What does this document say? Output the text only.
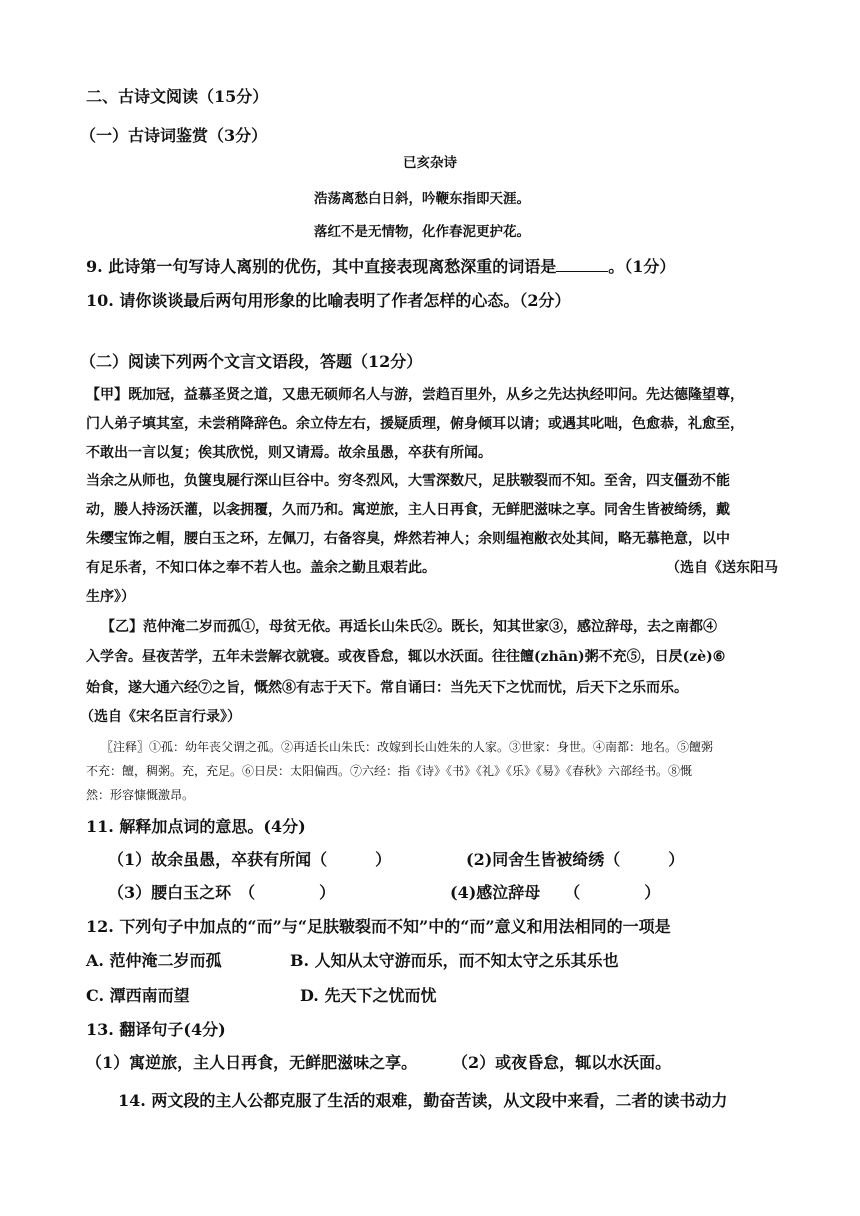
二、古诗文阅读（15分）
（一）古诗词鉴赏（3分）
已亥杂诗
浩荡离愁白日斜，吟鞭东指即天涯。
落红不是无情物，化作春泥更护花。
9. 此诗第一句写诗人离别的优伤，其中直接表现离愁深重的词语是	。（1分）
10. 请你谈谈最后两句用形象的比喻表明了作者怎样的心态。（2分）
（二）阅读下列两个文言文语段，答题（12分）
【甲】既加冠，益慕圣贤之道，又患无硕师名人与游，尝趋百里外，从乡之先达执经叩问。先达德隆望尊，
门人弟子填其室，未尝稍降辞色。余立侍左右，援疑质理，俯身倾耳以请；或遇其叱咄，色愈恭，礼愈至，
不敢出一言以复；俟其欣悦，则又请焉。故余虽愚，卒获有所闻。
当余之从师也，负箧曳屣行深山巨谷中。穷冬烈风，大雪深数尺，足肤皲裂而不知。至舍，四支僵劲不能
动，媵人持汤沃灌，以衾拥覆，久而乃和。寓逆旅，主人日再食，无鲜肥滋味之享。同舍生皆被绮绣，戴
朱缨宝饰之帽，腰白玉之环，左佩刀，右备容臭，烨然若神人；余则缊袍敝衣处其间，略无慕艳意，以中
有足乐者，不知口体之奉不若人也。盖余之勤且艰若此。	（选自《送东阳马
生序》）
【乙】范仲淹二岁而孤①，母贫无依。再适长山朱氏②。既长，知其世家③，感泣辞母，去之南都④
入学舍。昼夜苦学，五年未尝解衣就寝。或夜昏怠，辄以水沃面。往往饘(zhān)粥不充⑤，日昃(zè)⑥
始食，遂大通六经⑦之旨，慨然⑧有志于天下。常自诵曰：当先天下之忧而忧，后天下之乐而乐。
（选自《宋名臣言行录》）
〖注释〗①孤：幼年丧父谓之孤。②再适长山朱氏：改嫁到长山姓朱的人家。③世家：身世。④南都：地名。⑤饘粥
不充：饘，稠粥。充，充足。⑥日昃：太阳偏西。⑦六经：指《诗》《书》《礼》《乐》《易》《春秋》六部经书。⑧慨
然：形容慷慨激昂。
11. 解释加点词的意思。(4分)
（1）故余虽愚，卒获有所闻（　　　）	(2)同舍生皆被绮绣（　　　）
（3）腰白玉之环　（　　　　）	(4)感泣辞母　　（　　　　）
12. 下列句子中加点的“而”与“足肤皲裂而不知”中的“而”意义和用法相同的一项是
A. 范仲淹二岁而孤	B. 人知从太守游而乐，而不知太守之乐其乐也
C. 潭西南而望	D. 先天下之忧而忧
13. 翻译句子(4分)
（1）寓逆旅，主人日再食，无鲜肥滋味之享。 （2）或夜昏怠，辄以水沃面。
14. 两文段的主人公都克服了生活的艰难，勤奋苦读，从文段中来看，二者的读书动力
